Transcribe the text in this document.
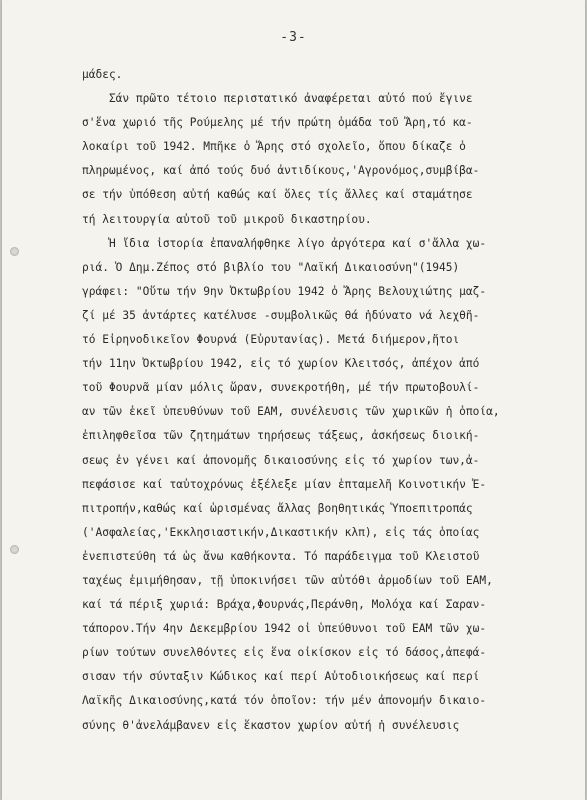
-3-
μάδες.
Σάν πρῶτο τέτοιο περιστατικό ἀναφέρεται αὐτό πού ἔγινε
σ'ἕνα χωριό τῆς Ρούμελης μέ τήν πρώτη ὁμάδα τοῦ Ἄρη,τό κα-
λοκαίρι τοῦ 1942. Μπῆκε ὁ Ἄρης στό σχολεῖο, ὅπου δίκαζε ὁ
πληρωμένος, καί ἀπό τούς δυό ἀντιδίκους,'Αγρονόμος,συμβίβα-
σε τήν ὑπόθεση αὐτή καθώς καί ὅλες τίς ἄλλες καί σταμάτησε
τή λειτουργία αὐτοῦ τοῦ μικροῦ δικαστηρίου.
Ἡ ἴδια ἱστορία ἐπαναλήφθηκε λίγο ἀργότερα καί σ'ἄλλα χω-
ριά. Ὁ Δημ.Ζέπος στό βιβλίο του "Λαϊκή Δικαιοσύνη"(1945)
γράφει: "Οὕτω τήν 9ην Ὀκτωβρίου 1942 ὁ Ἄρης Βελουχιώτης μαζ-
ζί μέ 35 ἀντάρτες κατέλυσε -συμβολικῶς θά ἠδύνατο νά λεχθῆ-
τό Εἰρηνοδικεῖον Φουρνά (Εὐρυτανίας). Μετά διήμερον,ἤτοι
τήν 11ην Ὀκτωβρίου 1942, εἰς τό χωρίον Κλειτσός, ἀπέχον ἀπό
τοῦ Φουρνᾶ μίαν μόλις ὥραν, συνεκροτήθη, μέ τήν πρωτοβουλί-
αν τῶν ἐκεῖ ὑπευθύνων τοῦ ΕΑΜ, συνέλευσις τῶν χωρικῶν ἡ ὁποία,
ἐπιληφθεῖσα τῶν ζητημάτων τηρήσεως τάξεως, ἀσκήσεως διοική-
σεως ἐν γένει καί ἀπονομῆς δικαιοσύνης εἰς τό χωρίον των,ἀ-
πεφάσισε καί ταὐτοχρόνως ἐξέλεξε μίαν ἑπταμελῆ Κοινοτικήν Ἐ-
πιτροπήν,καθώς καί ὡρισμένας ἄλλας βοηθητικάς Ὑποεπιτροπάς
('Ασφαλείας,'Εκκλησιαστικήν,Δικαστικήν κλπ), εἰς τάς ὁποίας
ἐνεπιστεύθη τά ὡς ἄνω καθήκοντα. Τό παράδειγμα τοῦ Κλειστοῦ
ταχέως ἐμιμήθησαν, τῇ ὑποκινήσει τῶν αὐτόθι ἁρμοδίων τοῦ ΕΑΜ,
καί τά πέριξ χωριά: Βράχα,Φουρνάς,Περάνθη, Μολόχα καί Σαραν-
τάπορον.Τήν 4ην Δεκεμβρίου 1942 οἱ ὑπεύθυνοι τοῦ ΕΑΜ τῶν χω-
ρίων τούτων συνελθόντες εἰς ἕνα οἰκίσκον εἰς τό δάσος,ἀπεφά-
σισαν τήν σύνταξιν Κώδικος καί περί Αὐτοδιοικήσεως καί περί
Λαϊκῆς Δικαιοσύνης,κατά τόν ὁποῖον: τήν μέν ἀπονομήν δικαιο-
σύνης θ'ἀνελάμβανεν εἰς ἕκαστον χωρίον αὐτή ἡ συνέλευσις
